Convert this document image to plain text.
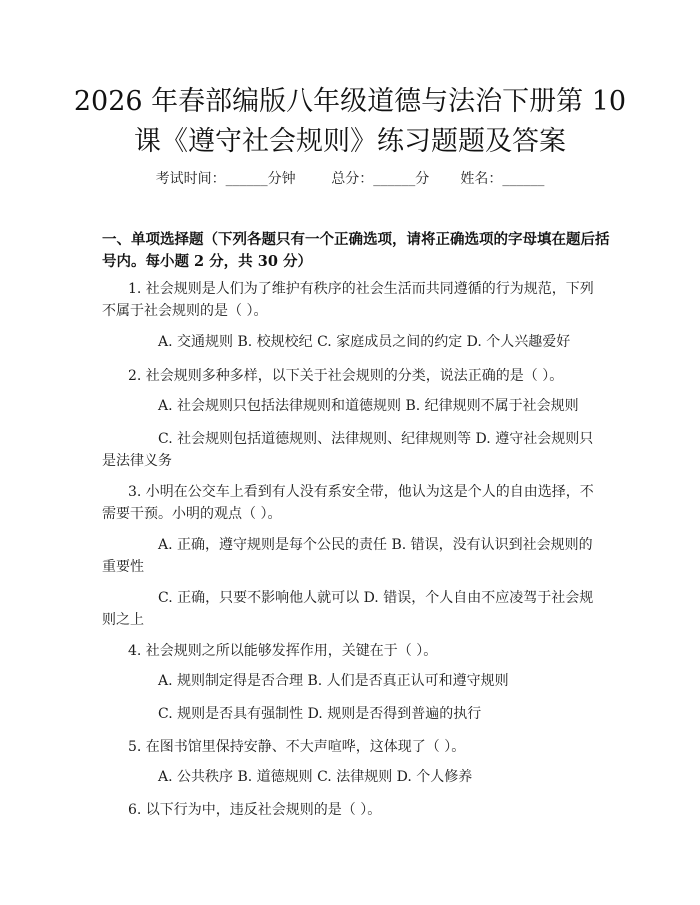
2026 年春部编版八年级道德与法治下册第 10
课《遵守社会规则》练习题题及答案
考试时间：______分钟	总分：______分 姓名：______
一、单项选择题（下列各题只有一个正确选项，请将正确选项的字母填在题后括
号内。每小题 2 分，共 30 分）
1. 社会规则是人们为了维护有秩序的社会生活而共同遵循的行为规范，下列
不属于社会规则的是（ ）。
A. 交通规则 B. 校规校纪 C. 家庭成员之间的约定 D. 个人兴趣爱好
2. 社会规则多种多样，以下关于社会规则的分类，说法正确的是（ ）。
A. 社会规则只包括法律规则和道德规则 B. 纪律规则不属于社会规则
C. 社会规则包括道德规则、法律规则、纪律规则等 D. 遵守社会规则只
是法律义务
3. 小明在公交车上看到有人没有系安全带，他认为这是个人的自由选择，不
需要干预。小明的观点（ ）。
A. 正确，遵守规则是每个公民的责任 B. 错误，没有认识到社会规则的
重要性
C. 正确，只要不影响他人就可以 D. 错误，个人自由不应凌驾于社会规
则之上
4. 社会规则之所以能够发挥作用，关键在于（ ）。
A. 规则制定得是否合理 B. 人们是否真正认可和遵守规则
C. 规则是否具有强制性 D. 规则是否得到普遍的执行
5. 在图书馆里保持安静、不大声喧哗，这体现了（ ）。
A. 公共秩序 B. 道德规则 C. 法律规则 D. 个人修养
6. 以下行为中，违反社会规则的是（ ）。
